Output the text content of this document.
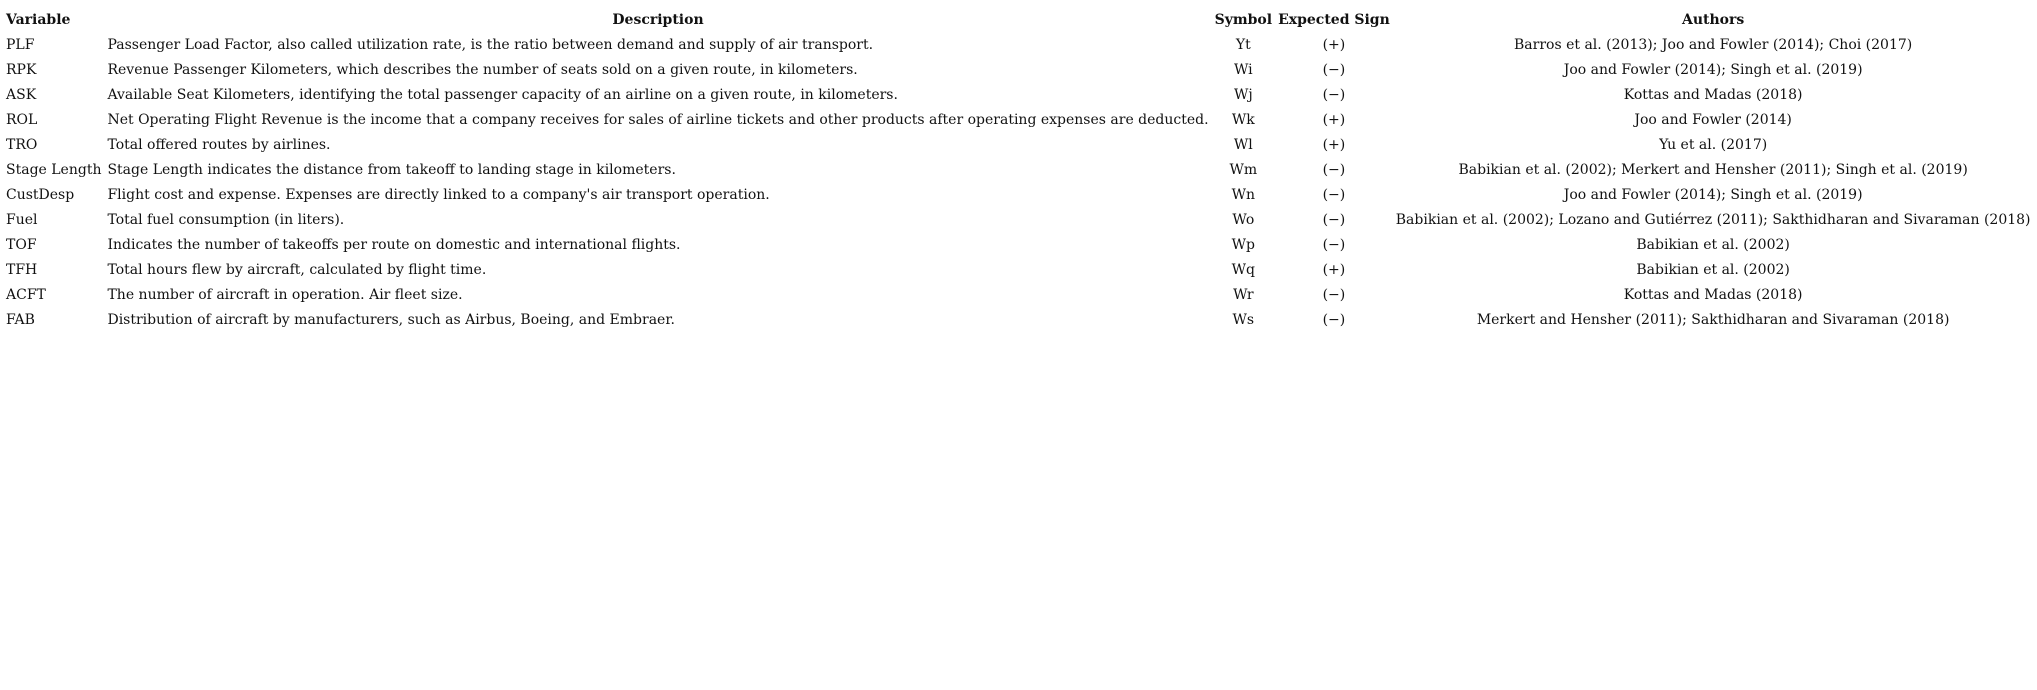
Variable	Description	Symbol	Expected Sign	Authors
PLF	Passenger Load Factor, also called utilization rate, is the ratio between demand and supply of air transport.	Yt	(+)	Barros et al. (2013); Joo and Fowler (2014); Choi (2017)
RPK	Revenue Passenger Kilometers, which describes the number of seats sold on a given route, in kilometers.	Wi	(−)	Joo and Fowler (2014); Singh et al. (2019)
ASK	Available Seat Kilometers, identifying the total passenger capacity of an airline on a given route, in kilometers.	Wj	(−)	Kottas and Madas (2018)
ROL	Net Operating Flight Revenue is the income that a company receives for sales of airline tickets and other products after operating expenses are deducted.	Wk	(+)	Joo and Fowler (2014)
TRO	Total offered routes by airlines.	Wl	(+)	Yu et al. (2017)
Stage Length	Stage Length indicates the distance from takeoff to landing stage in kilometers.	Wm	(−)	Babikian et al. (2002); Merkert and Hensher (2011); Singh et al. (2019)
CustDesp	Flight cost and expense. Expenses are directly linked to a company's air transport operation.	Wn	(−)	Joo and Fowler (2014); Singh et al. (2019)
Fuel	Total fuel consumption (in liters).	Wo	(−)	Babikian et al. (2002); Lozano and Gutiérrez (2011); Sakthidharan and Sivaraman (2018)
TOF	Indicates the number of takeoffs per route on domestic and international flights.	Wp	(−)	Babikian et al. (2002)
TFH	Total hours flew by aircraft, calculated by flight time.	Wq	(+)	Babikian et al. (2002)
ACFT	The number of aircraft in operation. Air fleet size.	Wr	(−)	Kottas and Madas (2018)
FAB	Distribution of aircraft by manufacturers, such as Airbus, Boeing, and Embraer.	Ws	(−)	Merkert and Hensher (2011); Sakthidharan and Sivaraman (2018)
